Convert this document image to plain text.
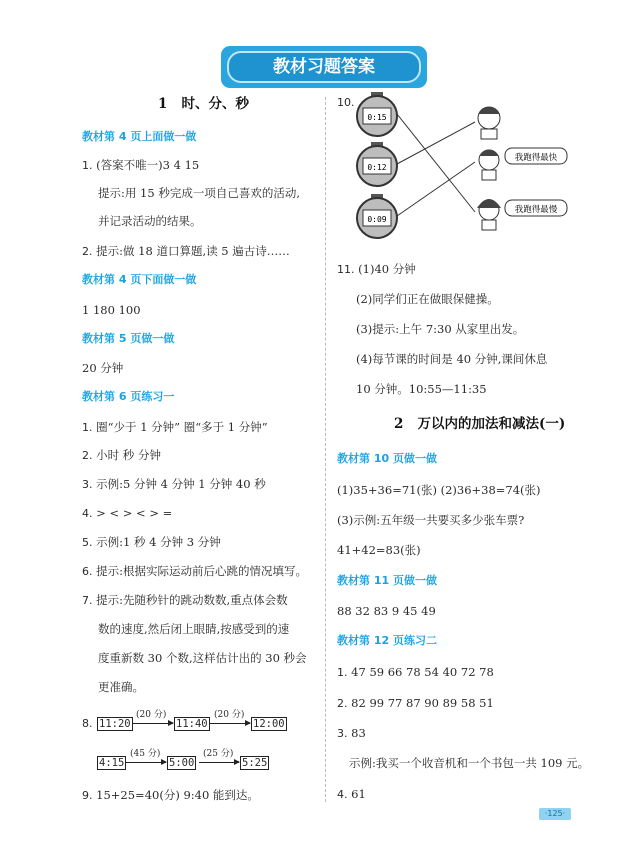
教材习题答案
1 时、分、秒
教材第 4 页上面做一做
1. (答案不唯一)3 4 15
提示:用 15 秒完成一项自己喜欢的活动,
并记录活动的结果。
2. 提示:做 18 道口算题,读 5 遍古诗……
教材第 4 页下面做一做
1 180 100
教材第 5 页做一做
20 分钟
教材第 6 页练习一
1. 圈“少于 1 分钟” 圈“多于 1 分钟”
2. 小时 秒 分钟
3. 示例:5 分钟 4 分钟 1 分钟 40 秒
4. > < > < > =
5. 示例:1 秒 4 分钟 3 分钟
6. 提示:根据实际运动前后心跳的情况填写。
7. 提示:先随秒针的跳动数数,重点体会数
数的速度,然后闭上眼睛,按感受到的速
度重新数 30 个数,这样估计出的 30 秒会
更准确。
8. 11:20
(20 分)
11:40
(20 分)
12:00
4:15
(45 分)
5:00
(25 分)
5:25
9. 15+25=40(分) 9:40 能到达。
10.
0:15
0:12
0:09
我跑得最快
我跑得最慢
11. (1)40 分钟
(2)同学们正在做眼保健操。
(3)提示:上午 7:30 从家里出发。
(4)每节课的时间是 40 分钟,课间休息
10 分钟。10:55—11:35
2 万以内的加法和减法(一)
教材第 10 页做一做
(1)35+36=71(张) (2)36+38=74(张)
(3)示例:五年级一共要买多少张车票?
41+42=83(张)
教材第 11 页做一做
88 32 83 9 45 49
教材第 12 页练习二
1. 47 59 66 78 54 40 72 78
2. 82 99 77 87 90 89 58 51
3. 83
示例:我买一个收音机和一个书包一共 109 元。
4. 61
·125·
